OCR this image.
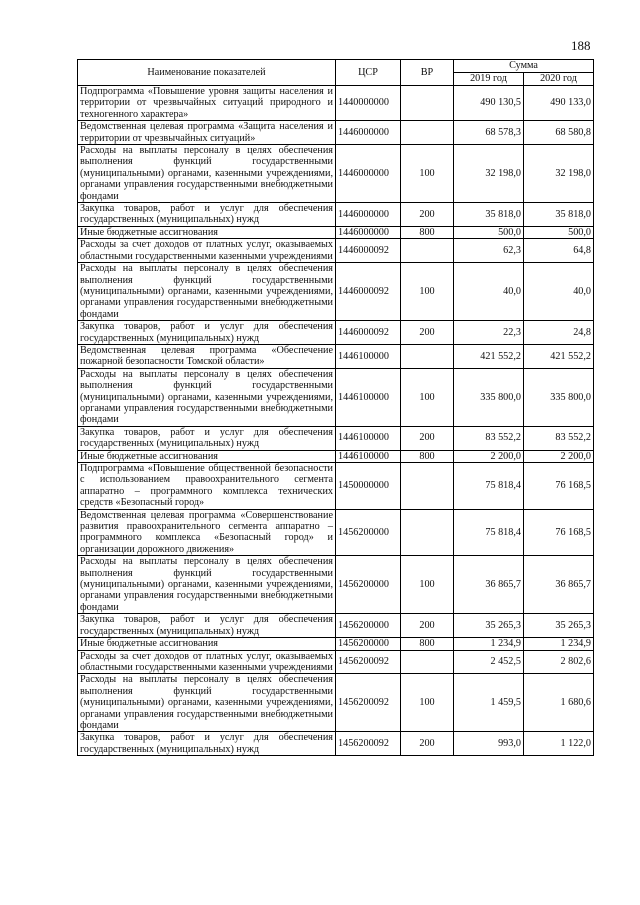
188
Наименование показателей	ЦСР	ВР	Сумма	
			2019 год	2020 год
Подпрограмма «Повышение уровня защиты населения и территории от чрезвычайных ситуаций природного и техногенного характера»	1440000000		490 130,5	490 133,0
Ведомственная целевая программа «Защита населения и территории от чрезвычайных ситуаций»	1446000000		68 578,3	68 580,8
Расходы на выплаты персоналу в целях обеспечения выполнения функций государственными (муниципальными) органами, казенными учреждениями, органами управления государственными внебюджетными фондами	1446000000	100	32 198,0	32 198,0
Закупка товаров, работ и услуг для обеспечения государственных (муниципальных) нужд	1446000000	200	35 818,0	35 818,0
Иные бюджетные ассигнования	1446000000	800	500,0	500,0
Расходы за счет доходов от платных услуг, оказываемых областными государственными казенными учреждениями	1446000092		62,3	64,8
Расходы на выплаты персоналу в целях обеспечения выполнения функций государственными (муниципальными) органами, казенными учреждениями, органами управления государственными внебюджетными фондами	1446000092	100	40,0	40,0
Закупка товаров, работ и услуг для обеспечения государственных (муниципальных) нужд	1446000092	200	22,3	24,8
Ведомственная целевая программа «Обеспечение пожарной безопасности Томской области»	1446100000		421 552,2	421 552,2
Расходы на выплаты персоналу в целях обеспечения выполнения функций государственными (муниципальными) органами, казенными учреждениями, органами управления государственными внебюджетными фондами	1446100000	100	335 800,0	335 800,0
Закупка товаров, работ и услуг для обеспечения государственных (муниципальных) нужд	1446100000	200	83 552,2	83 552,2
Иные бюджетные ассигнования	1446100000	800	2 200,0	2 200,0
Подпрограмма «Повышение общественной безопасности с использованием правоохранительного сегмента аппаратно – программного комплекса технических средств «Безопасный город»	1450000000		75 818,4	76 168,5
Ведомственная целевая программа «Совершенствование развития правоохранительного сегмента аппаратно – программного комплекса «Безопасный город» и организации дорожного движения»	1456200000		75 818,4	76 168,5
Расходы на выплаты персоналу в целях обеспечения выполнения функций государственными (муниципальными) органами, казенными учреждениями, органами управления государственными внебюджетными фондами	1456200000	100	36 865,7	36 865,7
Закупка товаров, работ и услуг для обеспечения государственных (муниципальных) нужд	1456200000	200	35 265,3	35 265,3
Иные бюджетные ассигнования	1456200000	800	1 234,9	1 234,9
Расходы за счет доходов от платных услуг, оказываемых областными государственными казенными учреждениями	1456200092		2 452,5	2 802,6
Расходы на выплаты персоналу в целях обеспечения выполнения функций государственными (муниципальными) органами, казенными учреждениями, органами управления государственными внебюджетными фондами	1456200092	100	1 459,5	1 680,6
Закупка товаров, работ и услуг для обеспечения государственных (муниципальных) нужд	1456200092	200	993,0	1 122,0
